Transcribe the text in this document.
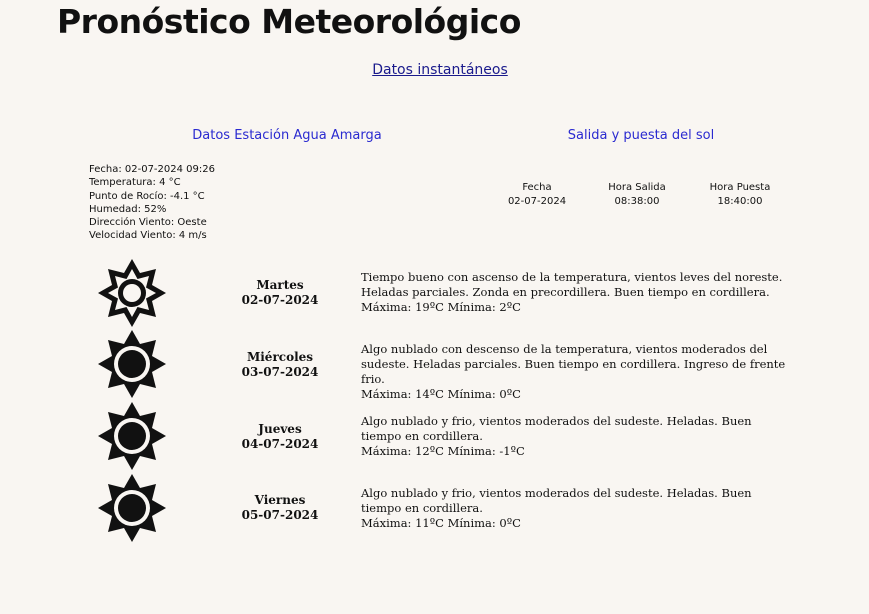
Pronóstico Meteorológico
Datos instantáneos
Datos Estación Agua Amarga	Salida y puesta del sol
Fecha: 02-07-2024 09:26
Temperatura: 4 °C
Punto de Rocío: -4.1 °C
Humedad: 52%
Dirección Viento: Oeste
Velocidad Viento: 4 m/s
Fecha
02-07-2024
Hora Salida
08:38:00
Hora Puesta
18:40:00
Martes
02-07-2024
Tiempo bueno con ascenso de la temperatura, vientos leves del noreste. Heladas parciales. Zonda en precordillera. Buen tiempo en cordillera.
Máxima: 19ºC Mínima: 2ºC
Miércoles
03-07-2024
Algo nublado con descenso de la temperatura, vientos moderados del sudeste. Heladas parciales. Buen tiempo en cordillera. Ingreso de frente frio.
Máxima: 14ºC Mínima: 0ºC
Jueves
04-07-2024
Algo nublado y frio, vientos moderados del sudeste. Heladas. Buen tiempo en cordillera.
Máxima: 12ºC Mínima: -1ºC
Viernes
05-07-2024
Algo nublado y frio, vientos moderados del sudeste. Heladas. Buen tiempo en cordillera.
Máxima: 11ºC Mínima: 0ºC
